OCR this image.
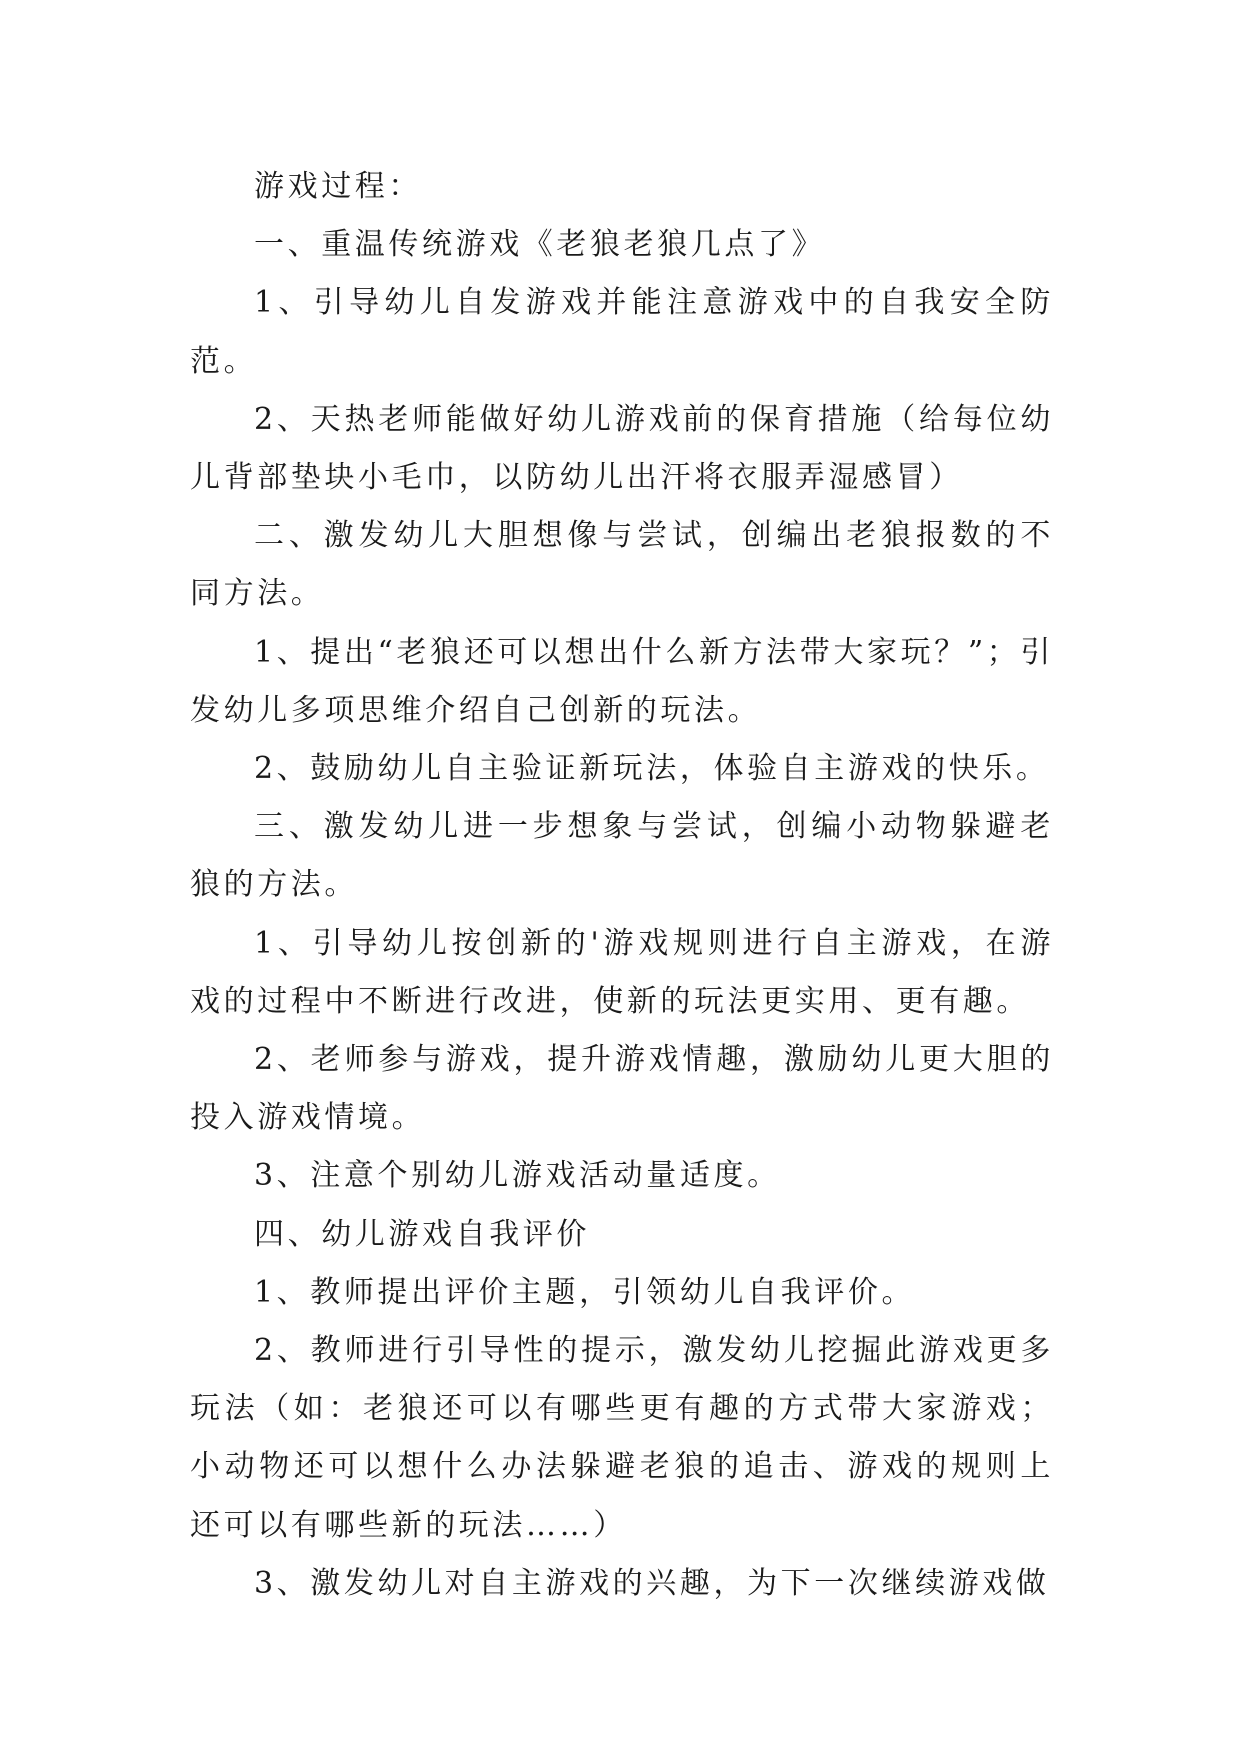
游戏过程：

一、重温传统游戏《老狼老狼几点了》

1、引导幼儿自发游戏并能注意游戏中的自我安全防范。

2、天热老师能做好幼儿游戏前的保育措施（给每位幼儿背部垫块小毛巾，以防幼儿出汗将衣服弄湿感冒）

二、激发幼儿大胆想像与尝试，创编出老狼报数的不同方法。

1、提出“老狼还可以想出什么新方法带大家玩？”；引发幼儿多项思维介绍自己创新的玩法。

2、鼓励幼儿自主验证新玩法，体验自主游戏的快乐。

三、激发幼儿进一步想象与尝试，创编小动物躲避老狼的方法。

1、引导幼儿按创新的'游戏规则进行自主游戏，在游戏的过程中不断进行改进，使新的玩法更实用、更有趣。

2、老师参与游戏，提升游戏情趣，激励幼儿更大胆的投入游戏情境。

3、注意个别幼儿游戏活动量适度。

四、幼儿游戏自我评价

1、教师提出评价主题，引领幼儿自我评价。

2、教师进行引导性的提示，激发幼儿挖掘此游戏更多玩法（如：老狼还可以有哪些更有趣的方式带大家游戏；小动物还可以想什么办法躲避老狼的追击、游戏的规则上还可以有哪些新的玩法……）

3、激发幼儿对自主游戏的兴趣，为下一次继续游戏做
